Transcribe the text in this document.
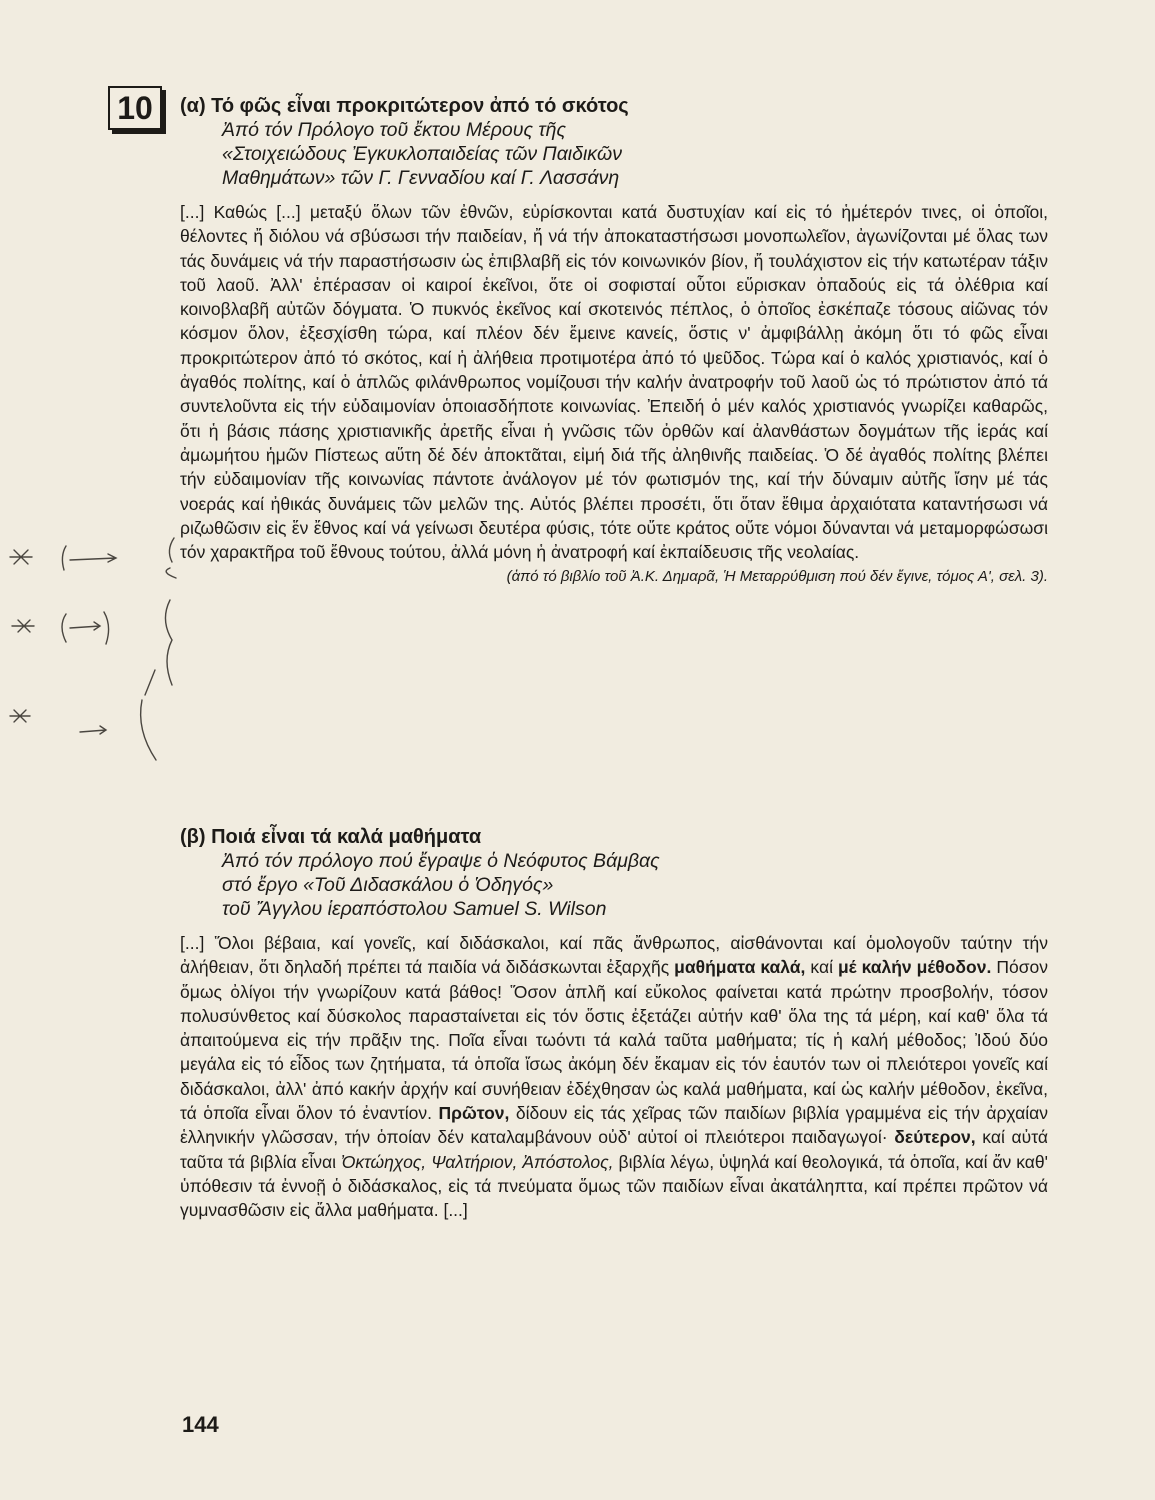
10	(α) Τό φῶς εἶναι προκριτώτερον ἀπό τό σκότος
Ἀπό τόν Πρόλογο τοῦ ἔκτου Μέρους τῆς
«Στοιχειώδους Ἐγκυκλοπαιδείας τῶν Παιδικῶν
Μαθημάτων» τῶν Γ. Γενναδίου καί Γ. Λασσάνη

[...] Καθώς [...] μεταξύ ὅλων τῶν ἐθνῶν, εὑρίσκονται κατά δυστυχίαν καί εἰς τό ἡμέτερόν τινες, οἱ ὁποῖοι, θέλοντες ἤ διόλου νά σβύσωσι τήν παιδείαν, ἤ νά τήν ἀποκαταστήσωσι μονοπωλεῖον, ἀγωνίζονται μέ ὅλας των τάς δυνάμεις νά τήν παραστήσωσιν ὡς ἐπιβλαβῆ εἰς τόν κοινωνικόν βίον, ἤ τουλάχιστον εἰς τήν κατωτέραν τάξιν τοῦ λαοῦ. Ἀλλ' ἐπέρασαν οἱ καιροί ἐκεῖνοι, ὅτε οἱ σοφισταί οὗτοι εὕρισκαν ὀπαδούς εἰς τά ὀλέθρια καί κοινοβλαβῆ αὐτῶν δόγματα. Ὁ πυκνός ἐκεῖνος καί σκοτεινός πέπλος, ὁ ὁποῖος ἐσκέπαζε τόσους αἰῶνας τόν κόσμον ὅλον, ἐξεσχίσθη τώρα, καί πλέον δέν ἔμεινε κανείς, ὅστις ν' ἀμφιβάλλῃ ἀκόμη ὅτι τό φῶς εἶναι προκριτώτερον ἀπό τό σκότος, καί ἡ ἀλήθεια προτιμοτέρα ἀπό τό ψεῦδος. Τώρα καί ὁ καλός χριστιανός, καί ὁ ἀγαθός πολίτης, καί ὁ ἁπλῶς φιλάνθρωπος νομίζουσι τήν καλήν ἀνατροφήν τοῦ λαοῦ ὡς τό πρώτιστον ἀπό τά συντελοῦντα εἰς τήν εὐδαιμονίαν ὁποιασδήποτε κοινωνίας. Ἐπειδή ὁ μέν καλός χριστιανός γνωρίζει καθαρῶς, ὅτι ἡ βάσις πάσης χριστιανικῆς ἀρετῆς εἶναι ἡ γνῶσις τῶν ὀρθῶν καί ἀλανθάστων δογμάτων τῆς ἱεράς καί ἀμωμήτου ἡμῶν Πίστεως αὕτη δέ δέν ἀποκτᾶται, εἰμή διά τῆς ἀληθινῆς παιδείας. Ὁ δέ ἀγαθός πολίτης βλέπει τήν εὐδαιμονίαν τῆς κοινωνίας πάντοτε ἀνάλογον μέ τόν φωτισμόν της, καί τήν δύναμιν αὐτῆς ἴσην μέ τάς νοεράς καί ἠθικάς δυνάμεις τῶν μελῶν της. Αὐτός βλέπει προσέτι, ὅτι ὅταν ἔθιμα ἀρχαιότατα καταντήσωσι νά ριζωθῶσιν εἰς ἕν ἔθνος καί νά γείνωσι δευτέρα φύσις, τότε οὔτε κράτος οὔτε νόμοι δύνανται νά μεταμορφώσωσι τόν χαρακτῆρα τοῦ ἔθνους τούτου, ἀλλά μόνη ἡ ἀνατροφή καί ἐκπαίδευσις τῆς νεολαίας.

(ἀπό τό βιβλίο τοῦ Ἀ.Κ. Δημαρᾶ, Ἡ Μεταρρύθμιση πού δέν ἔγινε, τόμος Α', σελ. 3).
(β) Ποιά εἶναι τά καλά μαθήματα
Ἀπό τόν πρόλογο πού ἔγραψε ὁ Νεόφυτος Βάμβας
στό ἔργο «Τοῦ Διδασκάλου ὁ Ὁδηγός»
τοῦ Ἄγγλου ἱεραπόστολου Samuel S. Wilson

[...] Ὅλοι βέβαια, καί γονεῖς, καί διδάσκαλοι, καί πᾶς ἄνθρωπος, αἰσθάνονται καί ὁμολογοῦν ταύτην τήν ἀλήθειαν, ὅτι δηλαδή πρέπει τά παιδία νά διδάσκωνται ἐξαρχῆς μαθήματα καλά, καί μέ καλήν μέθοδον. Πόσον ὅμως ὀλίγοι τήν γνωρίζουν κατά βάθος! Ὅσον ἁπλῆ καί εὔκολος φαίνεται κατά πρώτην προσβολήν, τόσον πολυσύνθετος καί δύσκολος παρασταίνεται εἰς τόν ὅστις ἐξετάζει αὐτήν καθ' ὅλα της τά μέρη, καί καθ' ὅλα τά ἀπαιτούμενα εἰς τήν πρᾶξιν της. Ποῖα εἶναι τωόντι τά καλά ταῦτα μαθήματα; τίς ἡ καλή μέθοδος; Ἰδού δύο μεγάλα εἰς τό εἶδος των ζητήματα, τά ὁποῖα ἴσως ἀκόμη δέν ἔκαμαν εἰς τόν ἑαυτόν των οἱ πλειότεροι γονεῖς καί διδάσκαλοι, ἀλλ' ἀπό κακήν ἀρχήν καί συνήθειαν ἐδέχθησαν ὡς καλά μαθήματα, καί ὡς καλήν μέθοδον, ἐκεῖνα, τά ὁποῖα εἶναι ὅλον τό ἐναντίον. Πρῶτον, δίδουν εἰς τάς χεῖρας τῶν παιδίων βιβλία γραμμένα εἰς τήν ἀρχαίαν ἑλληνικήν γλῶσσαν, τήν ὁποίαν δέν καταλαμβάνουν οὐδ' αὐτοί οἱ πλειότεροι παιδαγωγοί· δεύτερον, καί αὐτά ταῦτα τά βιβλία εἶναι Ὀκτώηχος, Ψαλτήριον, Ἀπόστολος, βιβλία λέγω, ὑψηλά καί θεολογικά, τά ὁποῖα, καί ἄν καθ' ὑπόθεσιν τά ἐννοῇ ὁ διδάσκαλος, εἰς τά πνεύματα ὅμως τῶν παιδίων εἶναι ἀκατάληπτα, καί πρέπει πρῶτον νά γυμνασθῶσιν εἰς ἄλλα μαθήματα. [...]

144
